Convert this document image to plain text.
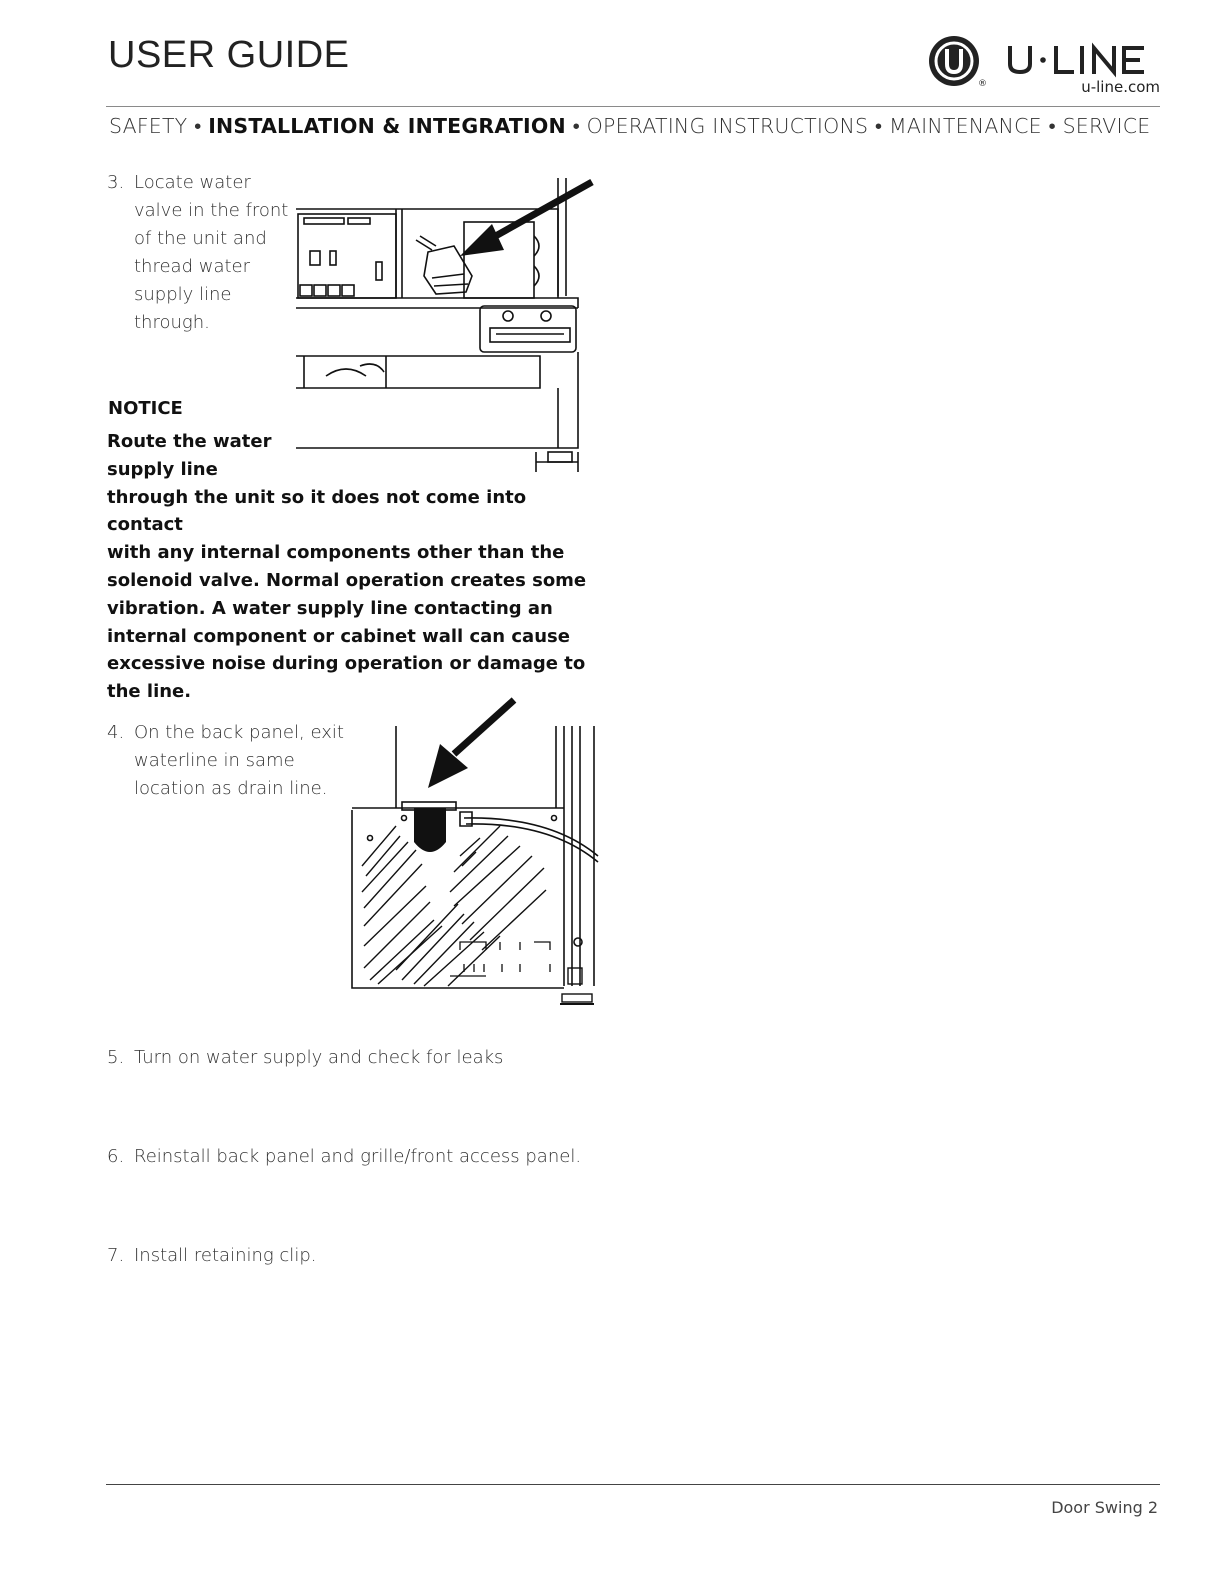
USER GUIDE
®	u-line.com
SAFETY • INSTALLATION & INTEGRATION • OPERATING INSTRUCTIONS • MAINTENANCE • SERVICE
3. Locate water
valve in the front
of the unit and
thread water
supply line
through.
NOTICE
Route the water
supply line
through the unit so it does not come into contact
with any internal components other than the
solenoid valve. Normal operation creates some
vibration. A water supply line contacting an
internal component or cabinet wall can cause
excessive noise during operation or damage to
the line.
4. On the back panel, exit
waterline in same
location as drain line.
5. Turn on water supply and check for leaks
6. Reinstall back panel and grille/front access panel.
7. Install retaining clip.
Door Swing 2
